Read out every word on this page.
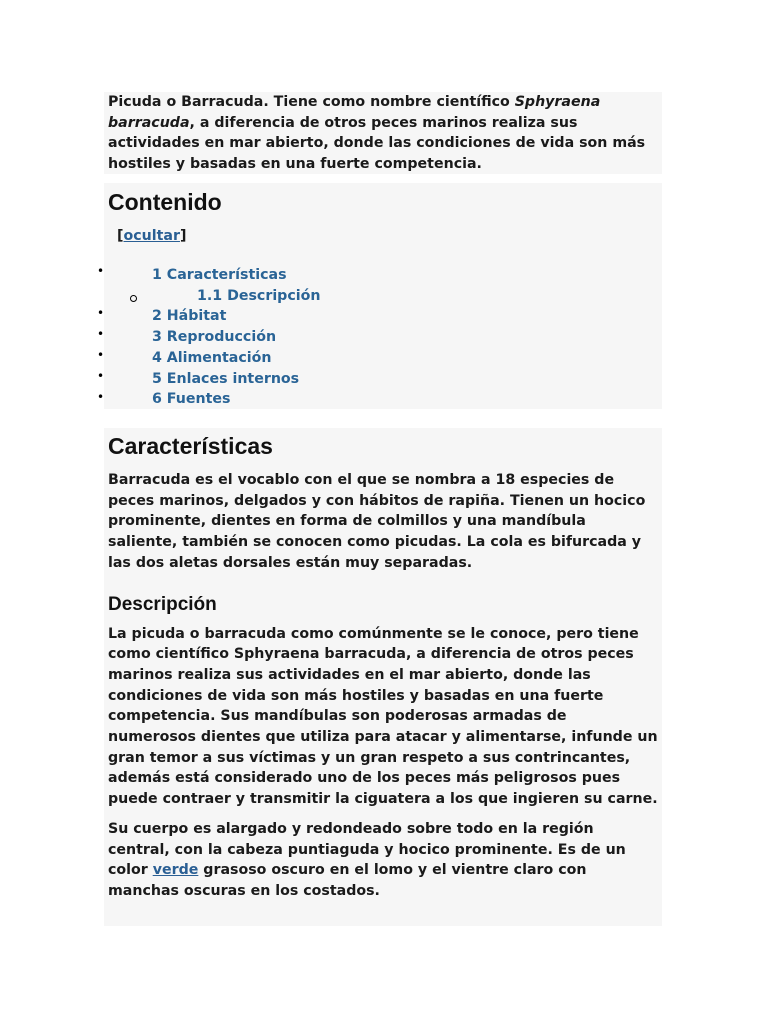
Picuda o Barracuda. Tiene como nombre científico Sphyraena barracuda, a diferencia de otros peces marinos realiza sus actividades en mar abierto, donde las condiciones de vida son más hostiles y basadas en una fuerte competencia.

Contenido
[ocultar]
•	1 Características
1.1 Descripción
•	2 Hábitat
•	3 Reproducción
•	4 Alimentación
•	5 Enlaces internos
•	6 Fuentes
Características

Barracuda es el vocablo con el que se nombra a 18 especies de peces marinos, delgados y con hábitos de rapiña. Tienen un hocico prominente, dientes en forma de colmillos y una mandíbula saliente, también se conocen como picudas. La cola es bifurcada y las dos aletas dorsales están muy separadas.

Descripción

La picuda o barracuda como comúnmente se le conoce, pero tiene como científico Sphyraena barracuda, a diferencia de otros peces marinos realiza sus actividades en el mar abierto, donde las condiciones de vida son más hostiles y basadas en una fuerte competencia. Sus mandíbulas son poderosas armadas de numerosos dientes que utiliza para atacar y alimentarse, infunde un gran temor a sus víctimas y un gran respeto a sus contrincantes, además está considerado uno de los peces más peligrosos pues puede contraer y transmitir la ciguatera a los que ingieren su carne.

Su cuerpo es alargado y redondeado sobre todo en la región central, con la cabeza puntiaguda y hocico prominente. Es de un color verde grasoso oscuro en el lomo y el vientre claro con manchas oscuras en los costados.
